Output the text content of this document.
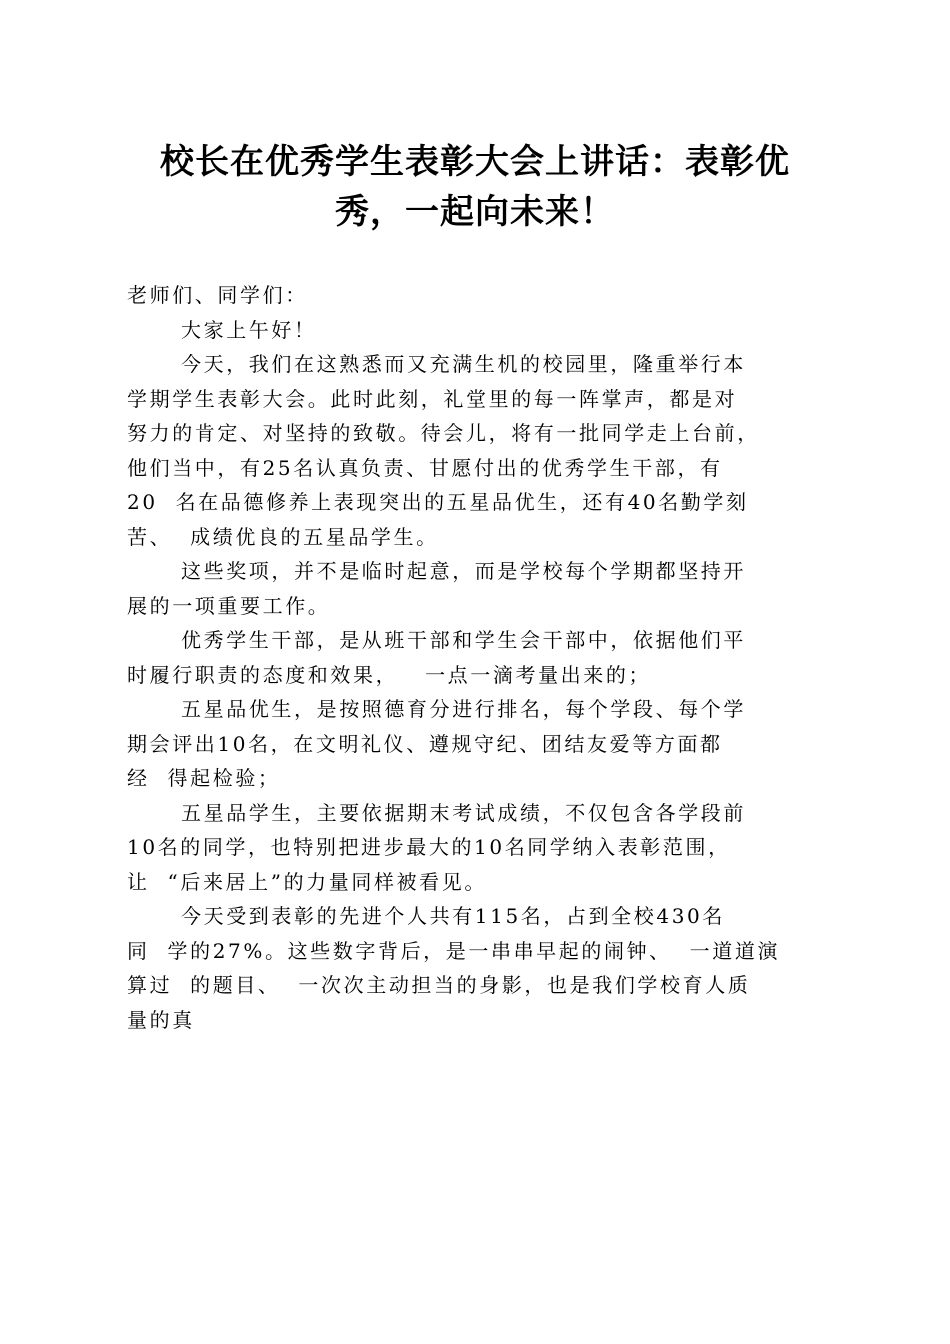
校长在优秀学生表彰大会上讲话：表彰优
秀，一起向未来！
老师们、同学们：
大家上午好！
今天，我们在这熟悉而又充满生机的校园里，隆重举行本
学期学生表彰大会。此时此刻，礼堂里的每一阵掌声，都是对
努力的肯定、对坚持的致敬。待会儿，将有一批同学走上台前，
他们当中，有25名认真负责、甘愿付出的优秀学生干部，有
20  名在品德修养上表现突出的五星品优生，还有40名勤学刻
苦、  成绩优良的五星品学生。
这些奖项，并不是临时起意，而是学校每个学期都坚持开
展的一项重要工作。
优秀学生干部，是从班干部和学生会干部中，依据他们平
时履行职责的态度和效果，   一点一滴考量出来的；
五星品优生，是按照德育分进行排名，每个学段、每个学
期会评出10名，在文明礼仪、遵规守纪、团结友爱等方面都
经  得起检验；
五星品学生，主要依据期末考试成绩，不仅包含各学段前
10名的同学，也特别把进步最大的10名同学纳入表彰范围，
让  “后来居上”的力量同样被看见。
今天受到表彰的先进个人共有115名，占到全校430名
同  学的27%。这些数字背后，是一串串早起的闹钟、  一道道演
算过  的题目、  一次次主动担当的身影，也是我们学校育人质
量的真
